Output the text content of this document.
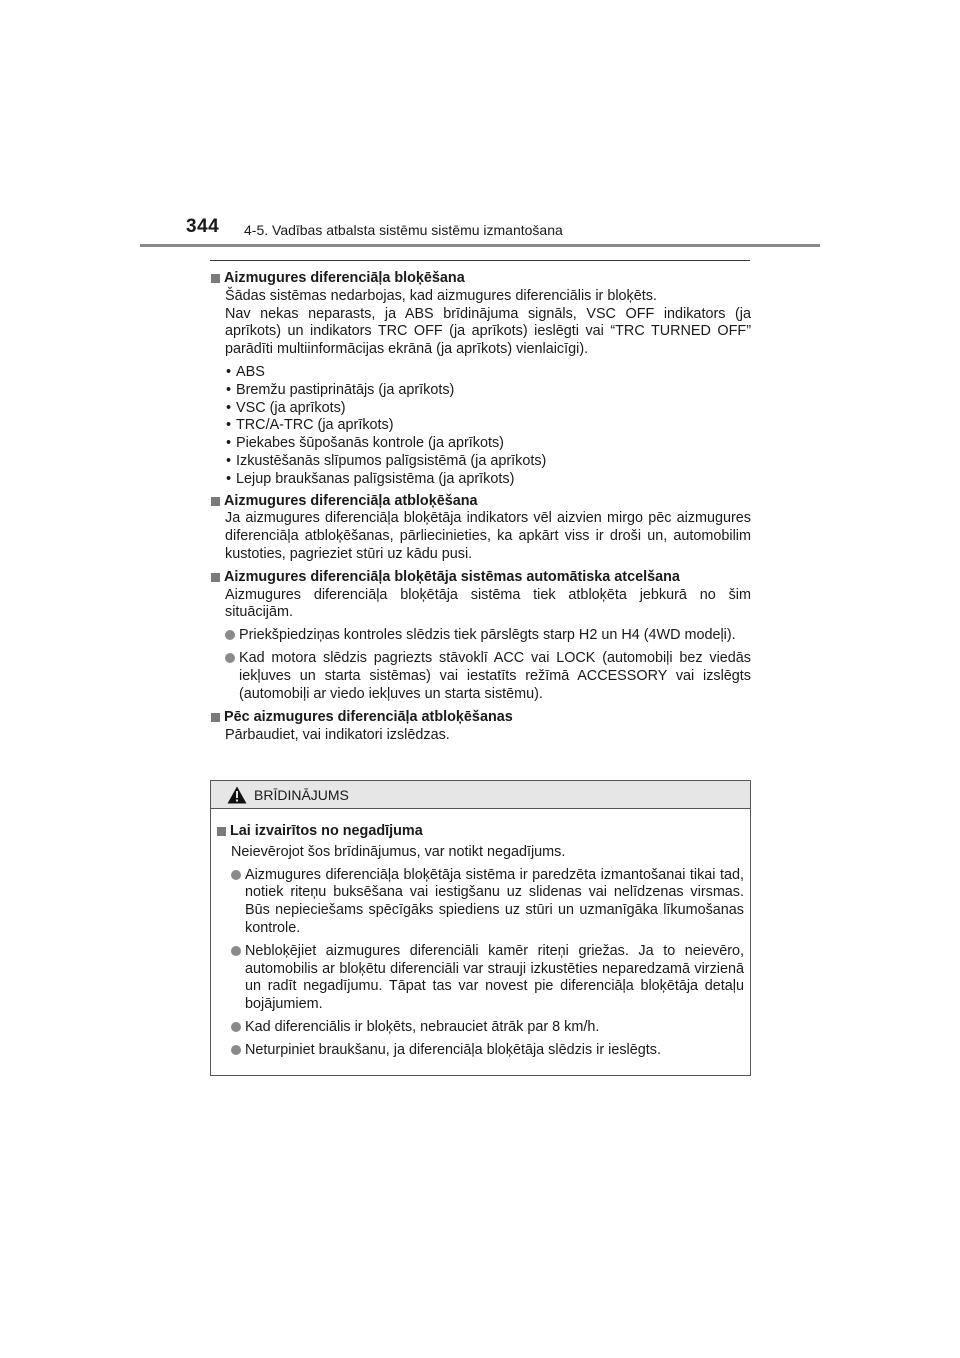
344 4-5. Vadības atbalsta sistēmu sistēmu izmantošana
Aizmugures diferenciāļa bloķēšana
Šādas sistēmas nedarbojas, kad aizmugures diferenciālis ir bloķēts.
Nav nekas neparasts, ja ABS brīdinājuma signāls, VSC OFF indikators (ja aprīkots) un indikators TRC OFF (ja aprīkots) ieslēgti vai “TRC TURNED OFF” parādīti multiinformācijas ekrānā (ja aprīkots) vienlaicīgi).
• ABS
• Bremžu pastiprinātājs (ja aprīkots)
• VSC (ja aprīkots)
• TRC/A-TRC (ja aprīkots)
• Piekabes šūpošanās kontrole (ja aprīkots)
• Izkustēšanās slīpumos palīgsistēmā (ja aprīkots)
• Lejup braukšanas palīgsistēma (ja aprīkots)
Aizmugures diferenciāļa atbloķēšana
Ja aizmugures diferenciāļa bloķētāja indikators vēl aizvien mirgo pēc aizmugures diferenciāļa atbloķēšanas, pārliecinieties, ka apkārt viss ir droši un, automobilim kustoties, pagrieziet stūri uz kādu pusi.
Aizmugures diferenciāļa bloķētāja sistēmas automātiska atcelšana
Aizmugures diferenciāļa bloķētāja sistēma tiek atbloķēta jebkurā no šim situācijām.
Priekšpiedziņas kontroles slēdzis tiek pārslēgts starp H2 un H4 (4WD modeļi).
Kad motora slēdzis pagriezts stāvoklī ACC vai LOCK (automobiļi bez viedās iekļuves un starta sistēmas) vai iestatīts režīmā ACCESSORY vai izslēgts (automobiļi ar viedo iekļuves un starta sistēmu).
Pēc aizmugures diferenciāļa atbloķēšanas
Pārbaudiet, vai indikatori izslēdzas.
BRĪDINĀJUMS
Lai izvairītos no negadījuma
Neievērojot šos brīdinājumus, var notikt negadījums.
Aizmugures diferenciāļa bloķētāja sistēma ir paredzēta izmantošanai tikai tad, notiek riteņu buksēšana vai iestigšanu uz slidenas vai nelīdzenas virsmas. Būs nepieciešams spēcīgāks spiediens uz stūri un uzmanīgāka līkumošanas kontrole.
Nebloķējiet aizmugures diferenciāli kamēr riteņi griežas. Ja to neievēro, automobilis ar bloķētu diferenciāli var strauji izkustēties neparedzamā virzienā un radīt negadījumu. Tāpat tas var novest pie diferenciāļa bloķētāja detaļu bojājumiem.
Kad diferenciālis ir bloķēts, nebrauciet ātrāk par 8 km/h.
Neturpiniet braukšanu, ja diferenciāļa bloķētāja slēdzis ir ieslēgts.
